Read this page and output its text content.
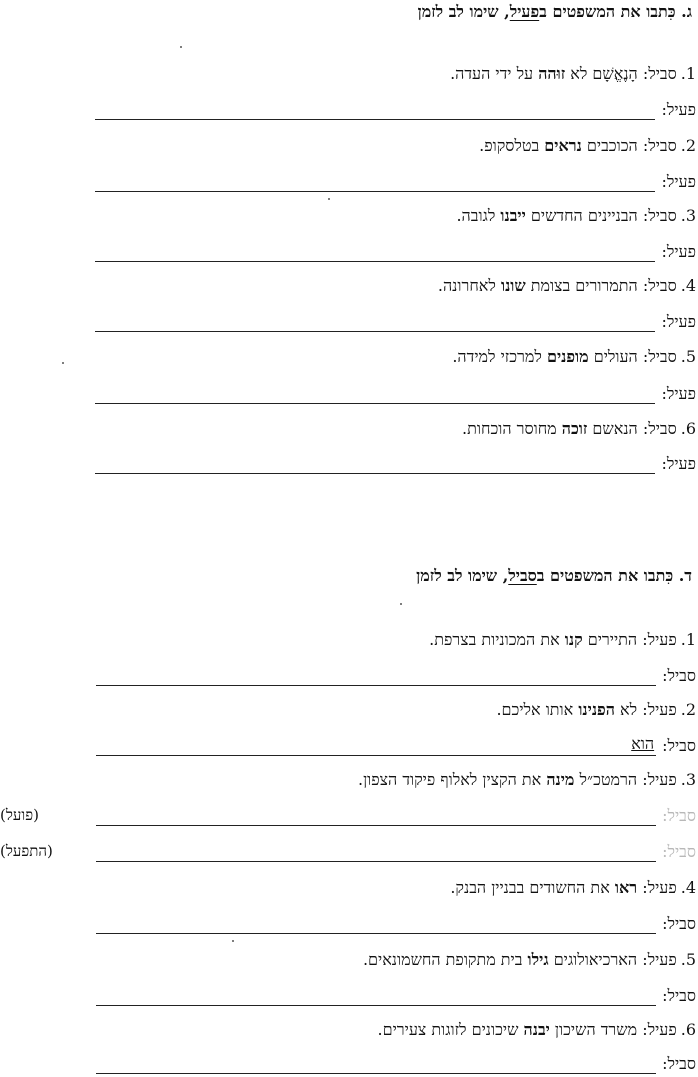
ג. כִּתבו את המשפטים בפעיל, שימו לב לזמן
1.סביל: הָנֶאֱשָׁם לא זוּהה על ידי העדה.
פעיל:
2.סביל: הכוכבים נראים בטלסקופ.
פעיל:
3.סביל: הבניינים החדשים ייבנו לגובה.
פעיל:
4.סביל: התמרורים בצומת שונו לאחרונה.
פעיל:
5.סביל: העולים מופנים למרכזי למידה.
פעיל:
6.סביל: הנאשם זוכה מחוסר הוכחות.
פעיל:
ד. כִּתבו את המשפטים בסביל, שימו לב לזמן
1.פעיל: התיירים קנו את המכוניות בצרפת.
סביל:
2.פעיל: לא הפנינו אותו אליכם.
סביל:
הוא
3.פעיל: הרמטכ״ל מינה את הקצין לאלוף פיקוד הצפון.
סביל:
(פועל)
סביל:
(התפעל)
4.פעיל: ראו את החשודים בבניין הבנק.
סביל:
5.פעיל: הארכיאולוגים גילו בית מתקופת החשמונאים.
סביל:
6.פעיל: משרד השיכון יבנה שיכונים לזוגות צעירים.
סביל:
